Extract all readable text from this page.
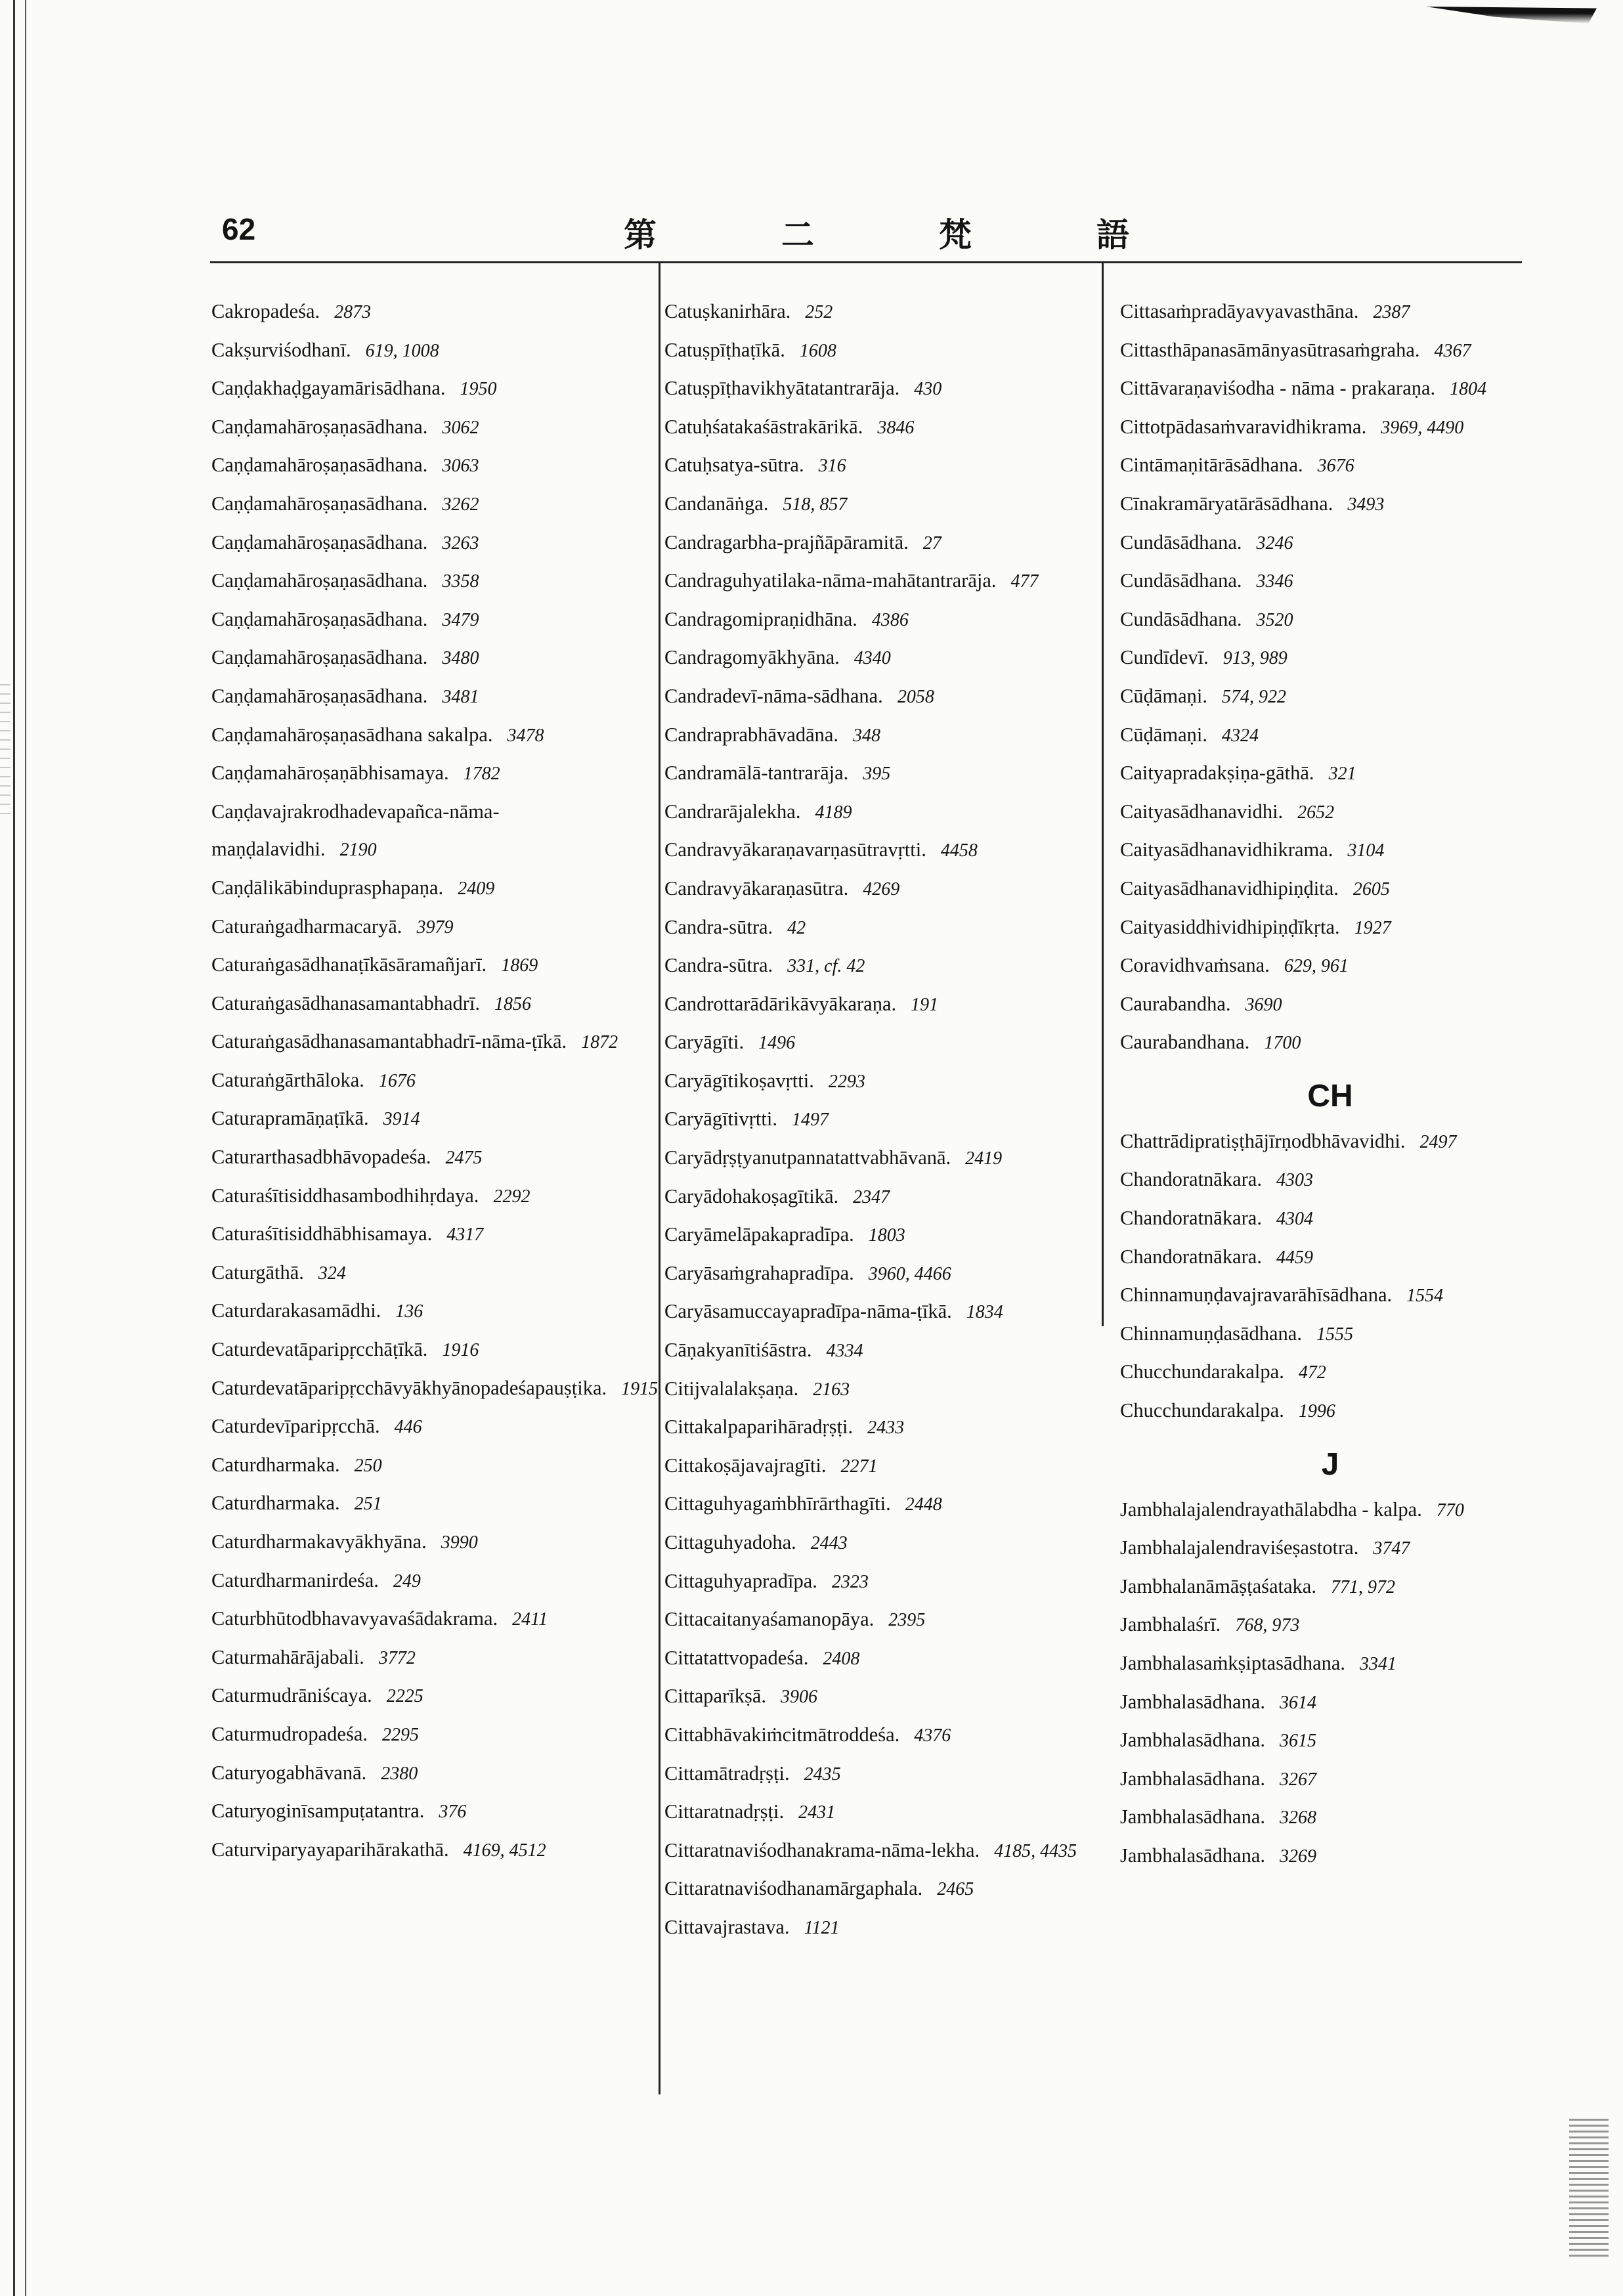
62	第	二	梵	語
Cakropadeśa. 2873
Cakṣurviśodhanī. 619, 1008
Caṇḍakhaḍgayamārisādhana. 1950
Caṇḍamahāroṣaṇasādhana. 3062
Caṇḍamahāroṣaṇasādhana. 3063
Caṇḍamahāroṣaṇasādhana. 3262
Caṇḍamahāroṣaṇasādhana. 3263
Caṇḍamahāroṣaṇasādhana. 3358
Caṇḍamahāroṣaṇasādhana. 3479
Caṇḍamahāroṣaṇasādhana. 3480
Caṇḍamahāroṣaṇasādhana. 3481
Caṇḍamahāroṣaṇasādhana sakalpa. 3478
Caṇḍamahāroṣaṇābhisamaya. 1782
Caṇḍavajrakrodhadevapañca-nāma-maṇḍalavidhi. 2190
Caṇḍālikābinduprasphараṇa. 2409
Caturaṅgadharmacaryā. 3979
Caturaṅgasādhanaṭīkāsāramañjarī. 1869
Caturaṅgasādhanasamantabhadrī. 1856
Caturaṅgasādhanasamantabhadrī-nāma-ṭīkā. 1872
Caturaṅgārthāloka. 1676
Caturapramāṇaṭīkā. 3914
Caturarthasadbhāvopadeśa. 2475
Caturaśītisiddhasambodhihṛdaya. 2292
Caturaśītisiddhābhisamaya. 4317
Caturgāthā. 324
Caturdarakasamādhi. 136
Caturdevatāparipṛcchāṭīkā. 1916
Caturdevatāparipṛcchāvyākhyānopadeśapauṣṭika. 1915
Caturdevīparipṛcchā. 446
Caturdharmaka. 250
Caturdharmaka. 251
Caturdharmakavyākhyāna. 3990
Caturdharmanirdeśa. 249
Caturbhūtodbhavavyavaśādakrama. 2411
Caturmahārājabali. 3772
Caturmudrāniścaya. 2225
Caturmudropadeśa. 2295
Caturyogabhāvanā. 2380
Caturyoginīsampuṭatantra. 376
Caturviparyayaparihārakathā. 4169, 4512
Catuṣkanirhāra. 252
Catuṣpīṭhaṭīkā. 1608
Catuṣpīṭhavikhyātatantrarāja. 430
Catuḥśatakaśāstrakārikā. 3846
Catuḥsatya-sūtra. 316
Candanāṅga. 518, 857
Candragarbha-prajñāpāramitā. 27
Candraguhyatilaka-nāma-mahātantrarāja. 477
Candragomipraṇidhāna. 4386
Candragomyākhyāna. 4340
Candradevī-nāma-sādhana. 2058
Candraprabhāvadāna. 348
Candramālā-tantrarāja. 395
Candrarājalekha. 4189
Candravyākaraṇavarṇasūtravṛtti. 4458
Candravyākaraṇasūtra. 4269
Candra-sūtra. 42
Candra-sūtra. 331, cf. 42
Candrottarādārikāvyākaraṇa. 191
Caryāgīti. 1496
Caryāgītikoṣavṛtti. 2293
Caryāgītivṛtti. 1497
Caryādṛṣṭyanutpannatattvabhāvanā. 2419
Caryādohakoṣagītikā. 2347
Caryāmelāpakapradīpa. 1803
Caryāsaṁgrahapradīpa. 3960, 4466
Caryāsamuccayapradīpa-nāma-ṭīkā. 1834
Cāṇakyanītiśāstra. 4334
Citijvalalakṣaṇa. 2163
Cittakalpaparihāradṛṣṭi. 2433
Cittakoṣājavajragīti. 2271
Cittaguhyagaṁbhīrārthagīti. 2448
Cittaguhyadoha. 2443
Cittaguhyapradīpa. 2323
Cittacaitanyaśamanopāya. 2395
Cittatattvopadeśa. 2408
Cittaparīkṣā. 3906
Cittabhāvakiṁcitmātroddeśa. 4376
Cittamātradṛṣṭi. 2435
Cittaratnadṛṣṭi. 2431
Cittaratnaviśodhanakrama-nāma-lekha. 4185, 4435
Cittaratnaviśodhanamārgaphala. 2465
Cittavajrastava. 1121
Cittasaṁpradāyavyavasthāna. 2387
Cittasthāpanasāmānyasūtrasaṁgraha. 4367
Cittāvaraṇaviśodha - nāma - prakaraṇa. 1804
Cittotpādasaṁvaravidhikrama. 3969, 4490
Cintāmaṇitārāsādhana. 3676
Cīnakramāryatārāsādhana. 3493
Cundāsādhana. 3246
Cundāsādhana. 3346
Cundāsādhana. 3520
Cundīdevī. 913, 989
Cūḍāmaṇi. 574, 922
Cūḍāmaṇi. 4324
Caityapradakṣiṇa-gāthā. 321
Caityasādhanavidhi. 2652
Caityasādhanavidhikrama. 3104
Caityasādhanavidhipiṇḍita. 2605
Caityasiddhividhipiṇḍīkṛta. 1927
Coravidhvaṁsana. 629, 961
Caurabandha. 3690
Caurabandhana. 1700
CH
Chattrādipratiṣṭhājīrṇodbhāvavidhi. 2497
Chandoratnākara. 4303
Chandoratnākara. 4304
Chandoratnākara. 4459
Chinnamuṇḍavajravarāhīsādhana. 1554
Chinnamuṇḍasādhana. 1555
Chucchundarakalpa. 472
Chucchundarakalpa. 1996
J
Jambhalajalendrayathālabdha - kalpa. 770
Jambhalajalendraviśeṣastotra. 3747
Jambhalanāmāṣṭaśataka. 771, 972
Jambhalaśrī. 768, 973
Jambhalasaṁkṣiptasādhana. 3341
Jambhalasādhana. 3614
Jambhalasādhana. 3615
Jambhalasādhana. 3267
Jambhalasādhana. 3268
Jambhalasādhana. 3269
